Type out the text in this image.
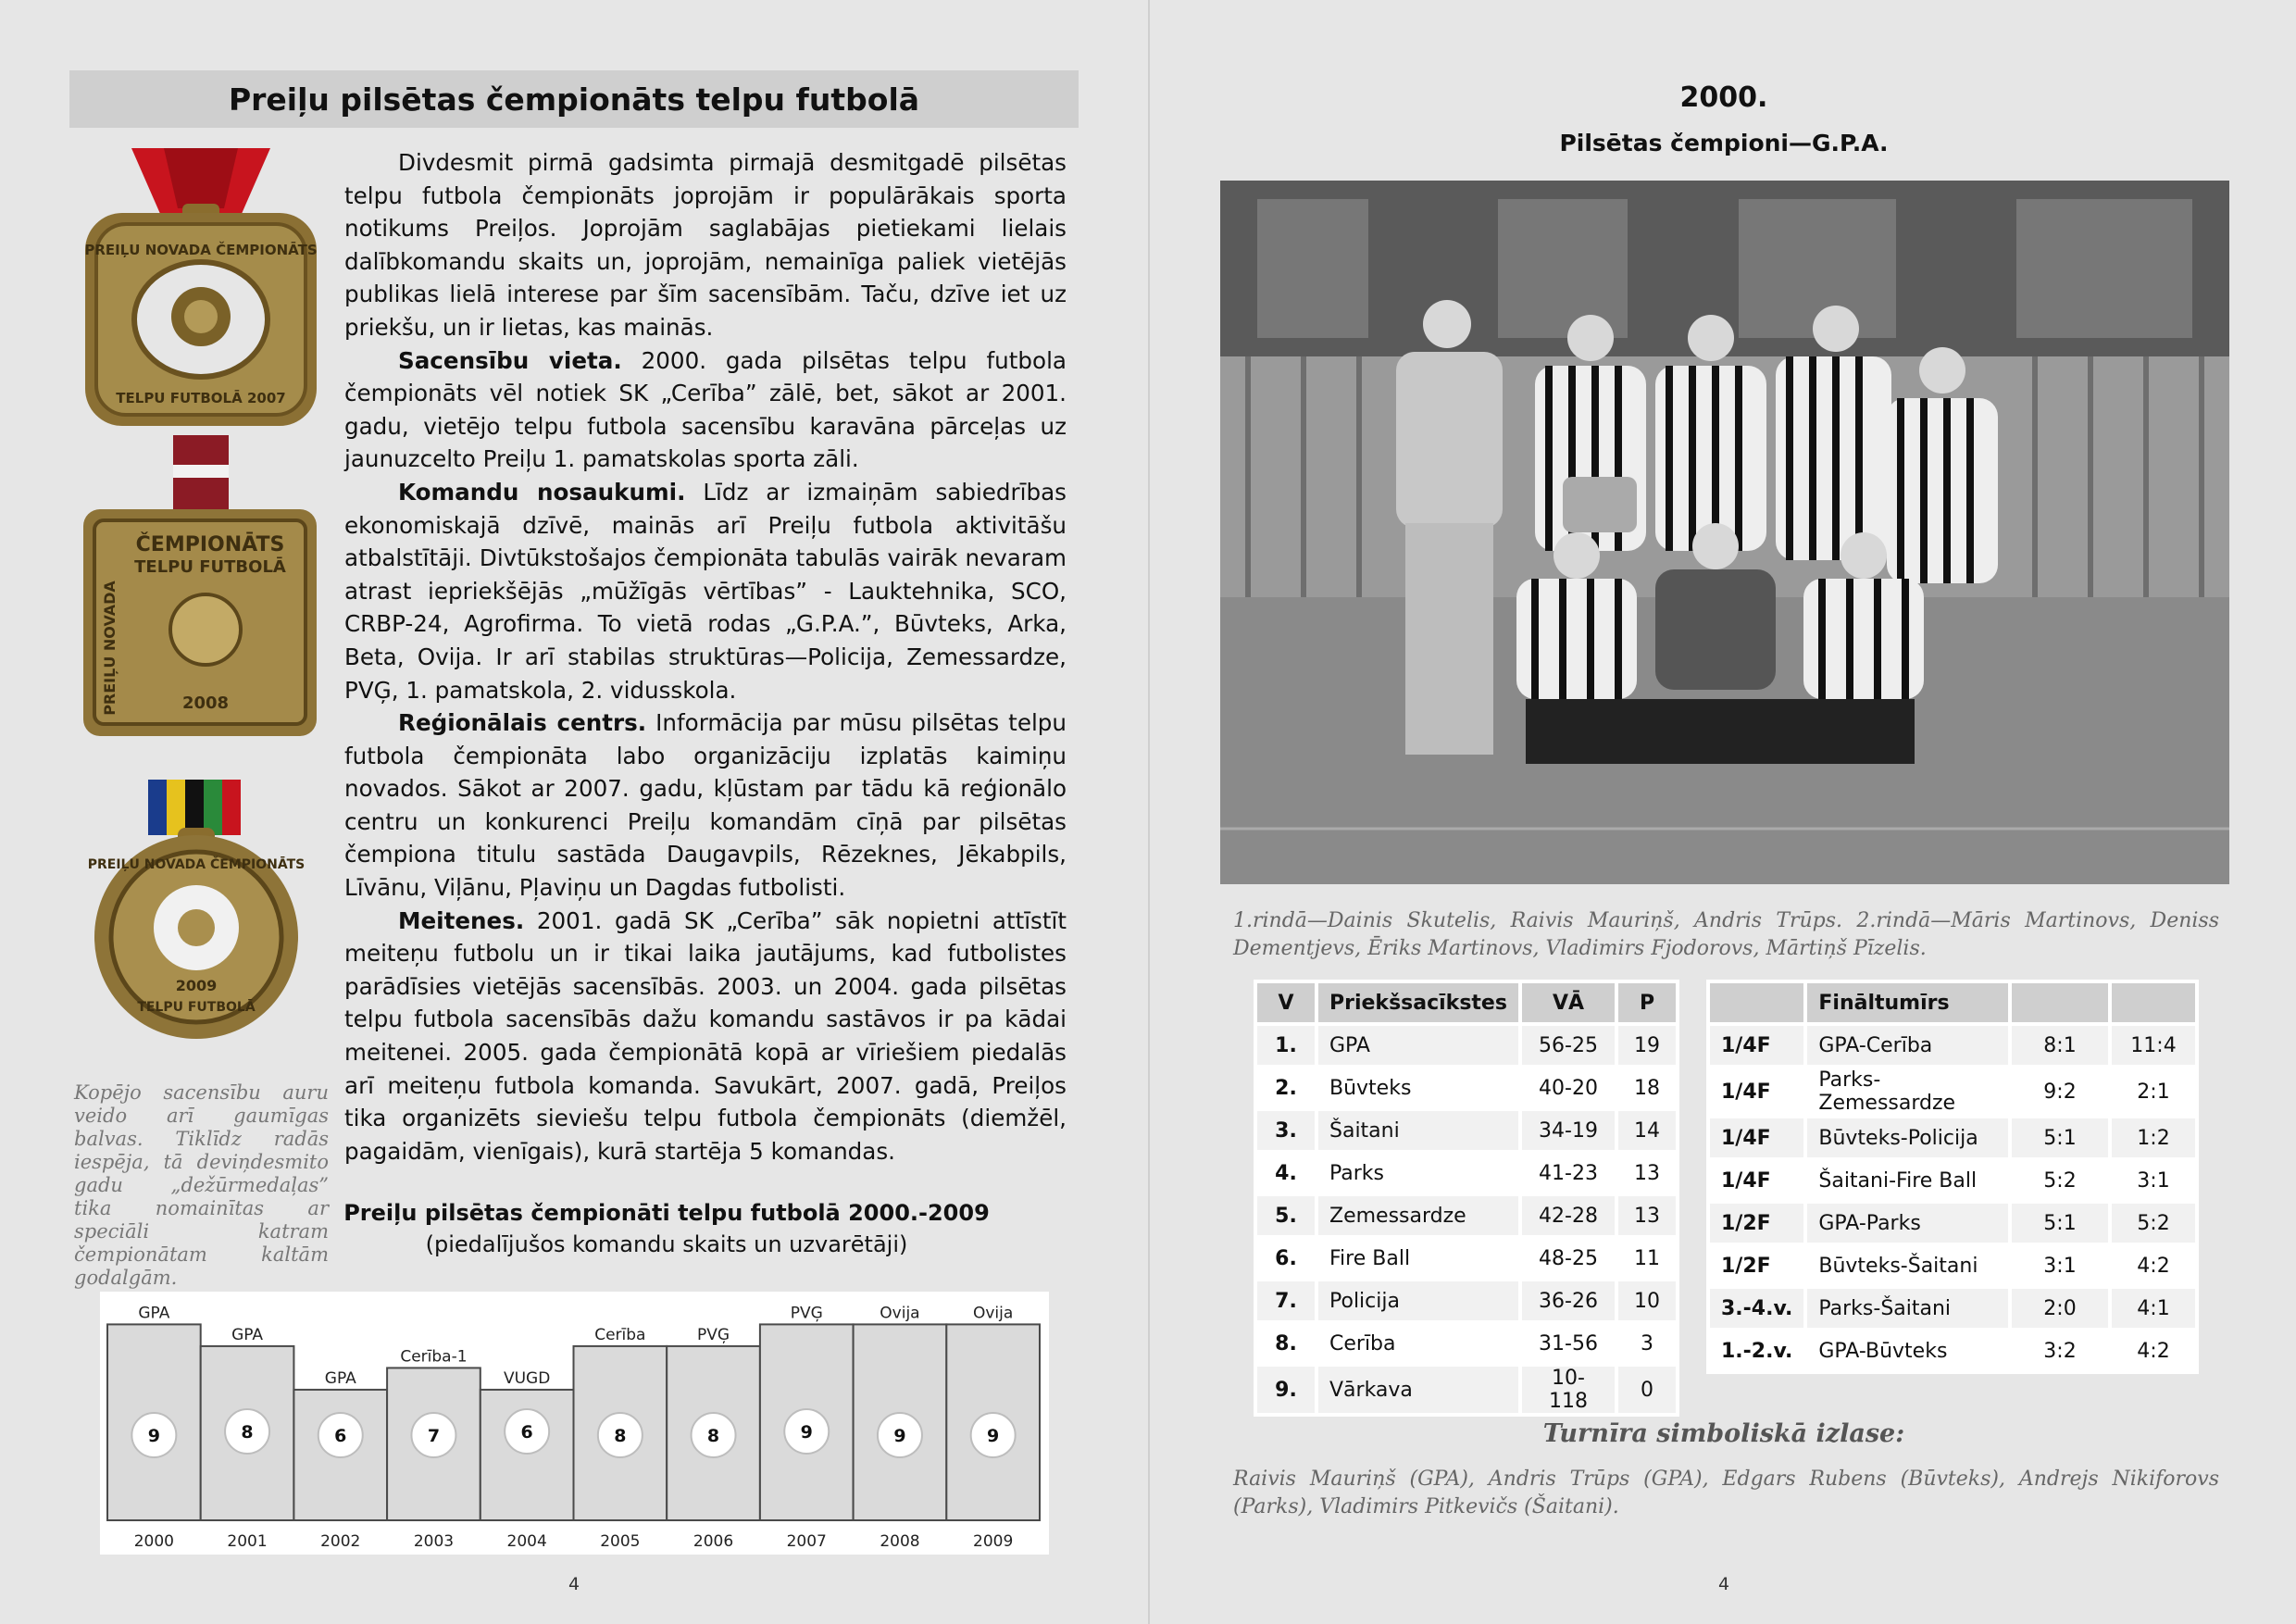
Preiļu pilsētas čempionāts telpu futbolā
PREIĻU NOVADA ČEMPIONĀTS
TELPU FUTBOLĀ 2007
ČEMPIONĀTS
TELPU FUTBOLĀ
PREIĻU NOVADA	2008
PREIĻU NOVADA ČEMPIONĀTS
TELPU FUTBOLĀ
2009
Kopējo sacensību auru veido arī gaumīgas balvas. Tiklīdz radās iespēja, tā deviņdesmito gadu „dežūrmedaļas” tika nomainītas ar speciāli katram čempionātam kaltām godalgām.

Divdesmit pirmā gadsimta pirmajā desmitgadē pilsētas telpu futbola čempionāts joprojām ir populārākais sporta notikums Preiļos. Joprojām saglabājas pietiekami lielais dalībkomandu skaits un, joprojām, nemainīga paliek vietējās publikas lielā interese par šīm sacensībām. Taču, dzīve iet uz priekšu, un ir lietas, kas mainās.

Sacensību vieta. 2000. gada pilsētas telpu futbola čempionāts vēl notiek SK „Cerība” zālē, bet, sākot ar 2001. gadu, vietējo telpu futbola sacensību karavāna pārceļas uz jaunuzcelto Preiļu 1. pamatskolas sporta zāli.

Komandu nosaukumi. Līdz ar izmaiņām sabiedrības ekonomiskajā dzīvē, mainās arī Preiļu futbola aktivitāšu atbalstītāji. Divtūkstošajos čempionāta tabulās vairāk nevaram atrast iepriekšējās „mūžīgās vērtības” - Lauktehnika, SCO, CRBP-24, Agrofirma. To vietā rodas „G.P.A.”, Būvteks, Arka, Beta, Ovija. Ir arī stabilas struktūras—Policija, Zemessardze, PVĢ, 1. pamatskola, 2. vidusskola.

Reģionālais centrs. Informācija par mūsu pilsētas telpu futbola čempionāta labo organizāciju izplatās kaimiņu novados. Sākot ar 2007. gadu, kļūstam par tādu kā reģionālo centru un konkurenci Preiļu komandām cīņā par pilsētas čempiona titulu sastāda Daugavpils, Rēzeknes, Jēkabpils, Līvānu, Viļānu, Pļaviņu un Dagdas futbolisti.

Meitenes. 2001. gadā SK „Cerība” sāk nopietni attīstīt meiteņu futbolu un ir tikai laika jautājums, kad futbolistes parādīsies vietējās sacensībās. 2003. un 2004. gada pilsētas telpu futbola sacensībās dažu komandu sastāvos ir pa kādai meitenei. 2005. gada čempionātā kopā ar vīriešiem piedalās arī meiteņu futbola komanda. Savukārt, 2007. gadā, Preiļos tika organizēts sieviešu telpu futbola čempionāts (diemžēl, pagaidām, vienīgais), kurā startēja 5 komandas.

Preiļu pilsētas čempionāti telpu futbolā 2000.-2009
(piedalījušos komandu skaits un uzvarētāji)
GPA
9
2000
GPA
8
2001
GPA
6
2002
Cerība-1
7
2003
VUGD
6
2004
Cerība
8
2005
PVĢ
8
2006
PVĢ
9
2007
Ovija
9
2008
Ovija
9
2009
4
2000.
Pilsētas čempioni—G.P.A.
1.rindā—Dainis Skutelis, Raivis Mauriņš, Andris Trūps. 2.rindā—Māris Martinovs, Deniss Dementjevs, Ēriks Martinovs, Vladimirs Fjodorovs, Mārtiņš Pīzelis.
V	Priekšsacīkstes	VĀ	P
1.	GPA	56-25	19
2.	Būvteks	40-20	18
3.	Šaitani	34-19	14
4.	Parks	41-23	13
5.	Zemessardze	42-28	13
6.	Fire Ball	48-25	11
7.	Policija	36-26	10
8.	Cerība	31-56	3
9.	Vārkava	10-118	0
	Fināltumīrs		
1/4F	GPA-Cerība	8:1	11:4
1/4F	Parks-Zemessardze	9:2	2:1
1/4F	Būvteks-Policija	5:1	1:2
1/4F	Šaitani-Fire Ball	5:2	3:1
1/2F	GPA-Parks	5:1	5:2
1/2F	Būvteks-Šaitani	3:1	4:2
3.-4.v.	Parks-Šaitani	2:0	4:1
1.-2.v.	GPA-Būvteks	3:2	4:2
Turnīra simboliskā izlase:
Raivis Mauriņš (GPA), Andris Trūps (GPA), Edgars Rubens (Būvteks), Andrejs Nikiforovs (Parks), Vladimirs Pitkevičs (Šaitani).
4
